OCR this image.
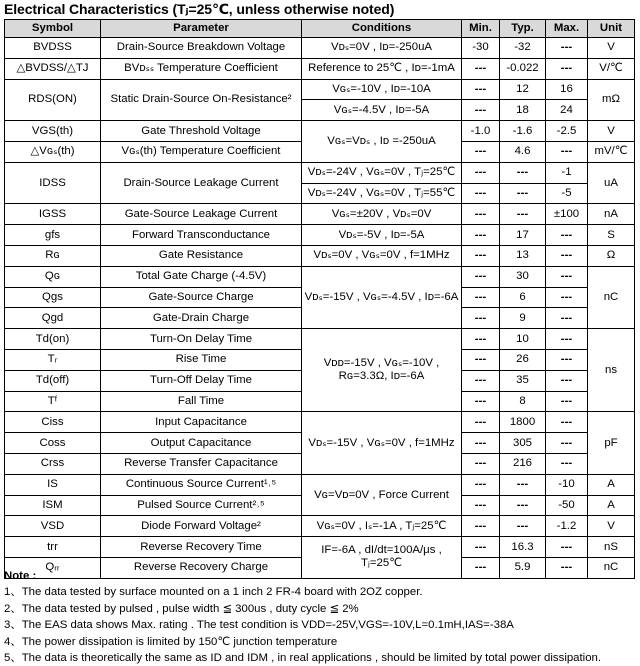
Electrical Characteristics (Tⱼ=25℃, unless otherwise noted)
Symbol	Parameter	Conditions	Min.	Typ.	Max.	Unit
BVDSS	Drain-Source Breakdown Voltage	Vᴅₛ=0V , Iᴅ=-250uA	-30	-32	---	V
△BVDSS/△TJ	BVᴅₛₛ Temperature Coefficient	Reference to 25℃ , Iᴅ=-1mA	---	-0.022	---	V/℃
RDS(ON)	Static Drain-Source On-Resistance²	Vɢₛ=-10V , Iᴅ=-10A	---	12	16	mΩ
		Vɢₛ=-4.5V , Iᴅ=-5A	---	18	24	
VGS(th)	Gate Threshold Voltage	Vɢₛ=Vᴅₛ , Iᴅ =-250uA	-1.0	-1.6	-2.5	V
△Vɢₛ(th)	Vɢₛ(th) Temperature Coefficient		---	4.6	---	mV/℃
IDSS	Drain-Source Leakage Current	Vᴅₛ=-24V , Vɢₛ=0V , Tⱼ=25℃	---	---	-1	uA
		Vᴅₛ=-24V , Vɢₛ=0V , Tⱼ=55℃	---	---	-5	
IGSS	Gate-Source Leakage Current	Vɢₛ=±20V , Vᴅₛ=0V	---	---	±100	nA
gfs	Forward Transconductance	Vᴅₛ=-5V , Iᴅ=-5A	---	17	---	S
Rɢ	Gate Resistance	Vᴅₛ=0V , Vɢₛ=0V , f=1MHz	---	13	---	Ω
Qɢ	Total Gate Charge (-4.5V)	Vᴅₛ=-15V , Vɢₛ=-4.5V , Iᴅ=-6A	---	30	---	nC
Qgs	Gate-Source Charge		---	6	---	
Qgd	Gate-Drain Charge		---	9	---	
Td(on)	Turn-On Delay Time	Vᴅᴅ=-15V , Vɢₛ=-10V , Rɢ=3.3Ω, Iᴅ=-6A	---	10	---	ns
Tᵣ	Rise Time		---	26	---	
Td(off)	Turn-Off Delay Time		---	35	---	
Tᶠ	Fall Time		---	8	---	
Ciss	Input Capacitance	Vᴅₛ=-15V , Vɢₛ=0V , f=1MHz	---	1800	---	pF
Coss	Output Capacitance		---	305	---	
Crss	Reverse Transfer Capacitance		---	216	---	
IS	Continuous Source Current¹˒⁵	Vɢ=Vᴅ=0V , Force Current	---	---	-10	A
ISM	Pulsed Source Current²˒⁵		---	---	-50	A
VSD	Diode Forward Voltage²	Vɢₛ=0V , Iₛ=-1A , Tⱼ=25℃	---	---	-1.2	V
trr	Reverse Recovery Time	IF=-6A , dI/dt=100A/μs , Tⱼ=25℃	---	16.3	---	nS
Qᵣᵣ	Reverse Recovery Charge		---	5.9	---	nC
Note :
1、The data tested by surface mounted on a 1 inch 2 FR-4 board with 2OZ copper.
2、The data tested by pulsed , pulse width ≦ 300us , duty cycle ≦ 2%
3、The EAS data shows Max. rating . The test condition is VDD=-25V,VGS=-10V,L=0.1mH,IAS=-38A
4、The power dissipation is limited by 150℃ junction temperature
5、The data is theoretically the same as ID and IDM , in real applications , should be limited by total power dissipation.
